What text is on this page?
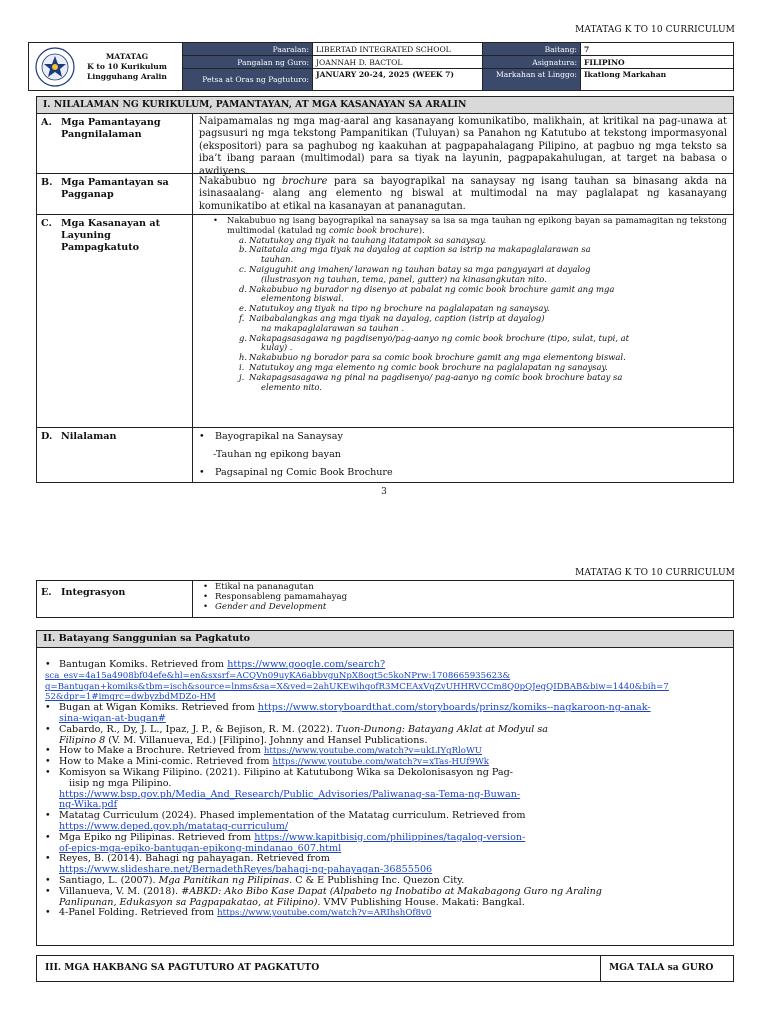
MATATAG K TO 10 CURRICULUM
MATATAG
K to 10 Kurikulum
Lingguhang Aralin	Paaralan:	LIBERTAD INTEGRATED SCHOOL	Baitang:	7
	Pangalan ng Guro:	JOANNAH D. BACTOL	Asignatura:	FILIPINO
	Petsa at Oras ng Pagtuturo:	JANUARY 20-24, 2025 (WEEK 7)	Markahan at Linggo:	Ikatlong Markahan
I. NILALAMAN NG KURIKULUM, PAMANTAYAN, AT MGA KASANAYAN SA ARALIN
A. Mga Pamantayang Pangnilalaman
Naipamamalas ng mga mag-aaral ang kasanayang komunikatibo, malikhain, at kritikal na pag-unawa at pagsusuri ng mga tekstong Pampanitikan (Tuluyan) sa Panahon ng Katutubo at tekstong impormasyonal (ekspositori) para sa paghubog ng kaakuhan at pagpapahalagang Pilipino, at pagbuo ng mga teksto sa iba’t ibang paraan (multimodal) para sa tiyak na layunin, pagpapakahulugan, at target na babasa o awdiyens.
B. Mga Pamantayan sa Pagganap
Nakabubuo ng brochure para sa bayograpikal na sanaysay ng isang tauhan sa binasang akda na isinasaalang- alang ang elemento ng biswal at multimodal na may paglalapat ng kasanayang komunikatibo at etikal na kasanayan at pananagutan.
C. Mga Kasanayan at Layuning Pampagkatuto
•	Nakabubuo ng isang bayograpikal na sanaysay sa isa sa mga tauhan ng epikong bayan sa pamamagitan ng tekstong multimodal (katulad ng comic book brochure).
a. Natutukoy ang tiyak na tauhang itatampok sa sanaysay.
b. Naitatala ang mga tiyak na dayalog at caption sa istrip na makapaglalarawan sa
tauhan.
c. Naiguguhit ang imahen/ larawan ng tauhan batay sa mga pangyayari at dayalog
(ilustrasyon ng tauhan, tema, panel, gutter) na kinasangkutan nito.
d. Nakabubuo ng burador ng disenyo at pabalat ng comic book brochure gamit ang mga
elementong biswal.
e. Natutukoy ang tiyak na tipo ng brochure na paglalapatan ng sanaysay.
f. Naibabalangkas ang mga tiyak na dayalog, caption (istrip at dayalog)
na makapaglalarawan sa tauhan .
g. Nakapagsasagawa ng pagdisenyo/pag-aanyo ng comic book brochure (tipo, sulat, tupi, at
kulay) .
h. Nakabubuo ng borador para sa comic book brochure gamit ang mga elementong biswal.
i. Natutukoy ang mga elemento ng comic book brochure na paglalapatan ng sanaysay.
j. Nakapagsasagawa ng pinal na pagdisenyo/ pag-aanyo ng comic book brochure batay sa
elemento nito.
D. Nilalaman	• Bayograpikal na Sanaysay
-Tauhan ng epikong bayan
• Pagsapinal ng Comic Book Brochure
3
MATATAG K TO 10 CURRICULUM
E. Integrasyon	• Etikal na pananagutan
• Responsableng pamamahayag
• Gender and Development
II. Batayang Sanggunian sa Pagkatuto
• Bantugan Komiks. Retrieved from https://www.google.com/search?
sca_esv=4a15a4908bf04efe&hl=en&sxsrf=ACQVn09uyKA6abbvguNpX8oqt5c5koNPrw:1708665935623&
q=Bantugan+komiks&tbm=isch&source=lnms&sa=X&ved=2ahUKEwihqofR3MCEAxVqZvUHHRVCCm8Q0pQJegQIDBAB&biw=1440&bih=7
52&dpr=1#imgrc=dwbyzbdMDZo-HM
• Bugan at Wigan Komiks. Retrieved from https://www.storyboardthat.com/storyboards/prinsz/komiks--nagkaroon-ng-anak-
sina-wigan-at-bugan#
• Cabardo, R., Dy, J. L., Ipaz, J. P., & Bejison, R. M. (2022). Tuon-Dunong: Batayang Aklat at Modyul sa
Filipino 8 (V. M. Villanueva, Ed.) [Filipino]. Johnny and Hansel Publications.
• How to Make a Brochure. Retrieved from https://www.youtube.com/watch?v=ukLIYgRloWU
• How to Make a Mini-comic. Retrieved from https://www.youtube.com/watch?v=xTas-HUf9Wk
• Komisyon sa Wikang Filipino. (2021). Filipino at Katutubong Wika sa Dekolonisasyon ng Pag-
iisip ng mga Pilipino.
https://www.bsp.gov.ph/Media_And_Research/Public_Advisories/Paliwanag-sa-Tema-ng-Buwan-
ng-Wika.pdf
• Matatag Curriculum (2024). Phased implementation of the Matatag curriculum. Retrieved from
https://www.deped.gov.ph/matatag-curriculum/
• Mga Epiko ng Pilipinas. Retrieved from https://www.kapitbisig.com/philippines/tagalog-version-
of-epics-mga-epiko-bantugan-epikong-mindanao_607.html
• Reyes, B. (2014). Bahagi ng pahayagan. Retrieved from
https://www.slideshare.net/BernadethReyes/bahagi-ng-pahayagan-36855506
• Santiago, L. (2007). Mga Panitikan ng Pilipinas. C & E Publishing Inc. Quezon City.
• Villanueva, V. M. (2018). #ABKD: Ako Bibo Kase Dapat (Alpabeto ng Inobatibo at Makabagong Guro ng Araling
Panlipunan, Edukasyon sa Pagpapakataо, at Filipino). VMV Publishing House. Makati: Bangkal.
• 4-Panel Folding. Retrieved from https://www.youtube.com/watch?v=ARIhshOf8v0
III. MGA HAKBANG SA PAGTUTURO AT PAGKATUTO	MGA TALA sa GURO
